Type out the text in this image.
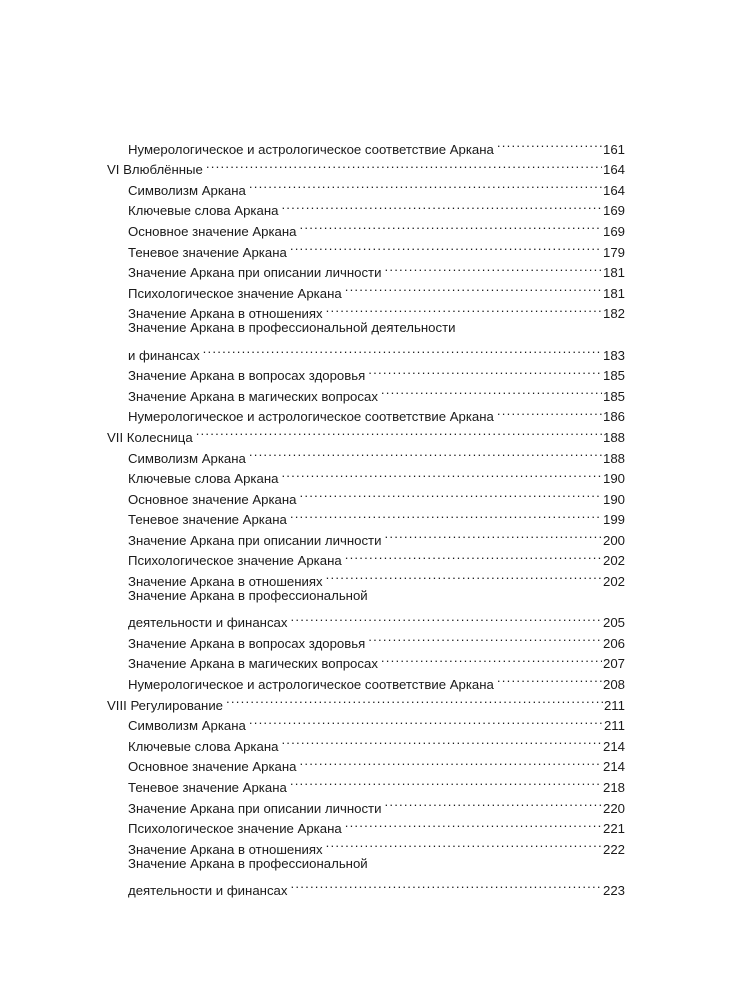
Нумерологическое и астрологическое соответствие Аркана .....	161
VI Влюблённые .....	164
Символизм Аркана .....	164
Ключевые слова Аркана .....	169
Основное значение Аркана .....	169
Теневое значение Аркана .....	179
Значение Аркана при описании личности .....	181
Психологическое значение Аркана .....	181
Значение Аркана в отношениях .....	182
Значение Аркана в профессиональной деятельности
и финансах .....	183
Значение Аркана в вопросах здоровья .....	185
Значение Аркана в магических вопросах .....	185
Нумерологическое и астрологическое соответствие Аркана .....	186
VII Колесница .....	188
Символизм Аркана .....	188
Ключевые слова Аркана .....	190
Основное значение Аркана .....	190
Теневое значение Аркана .....	199
Значение Аркана при описании личности .....	200
Психологическое значение Аркана .....	202
Значение Аркана в отношениях .....	202
Значение Аркана в профессиональной
деятельности и финансах .....	205
Значение Аркана в вопросах здоровья .....	206
Значение Аркана в магических вопросах .....	207
Нумерологическое и астрологическое соответствие Аркана .....	208
VIII Регулирование .....	211
Символизм Аркана .....	211
Ключевые слова Аркана .....	214
Основное значение Аркана .....	214
Теневое значение Аркана .....	218
Значение Аркана при описании личности .....	220
Психологическое значение Аркана .....	221
Значение Аркана в отношениях .....	222
Значение Аркана в профессиональной
деятельности и финансах .....	223
